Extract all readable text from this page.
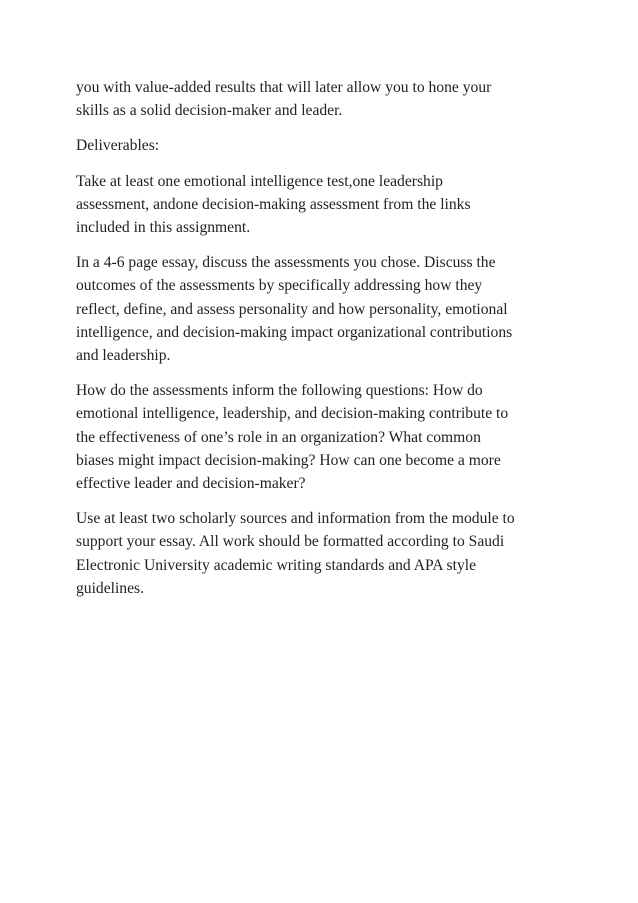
you with value-added results that will later allow you to hone your
skills as a solid decision-maker and leader.

Deliverables:

Take at least one emotional intelligence test,one leadership
assessment, andone decision-making assessment from the links
included in this assignment.

In a 4-6 page essay, discuss the assessments you chose. Discuss the
outcomes of the assessments by specifically addressing how they
reflect, define, and assess personality and how personality, emotional
intelligence, and decision-making impact organizational contributions
and leadership.

How do the assessments inform the following questions: How do
emotional intelligence, leadership, and decision-making contribute to
the effectiveness of one’s role in an organization? What common
biases might impact decision-making? How can one become a more
effective leader and decision-maker?

Use at least two scholarly sources and information from the module to
support your essay. All work should be formatted according to Saudi
Electronic University academic writing standards and APA style
guidelines.
